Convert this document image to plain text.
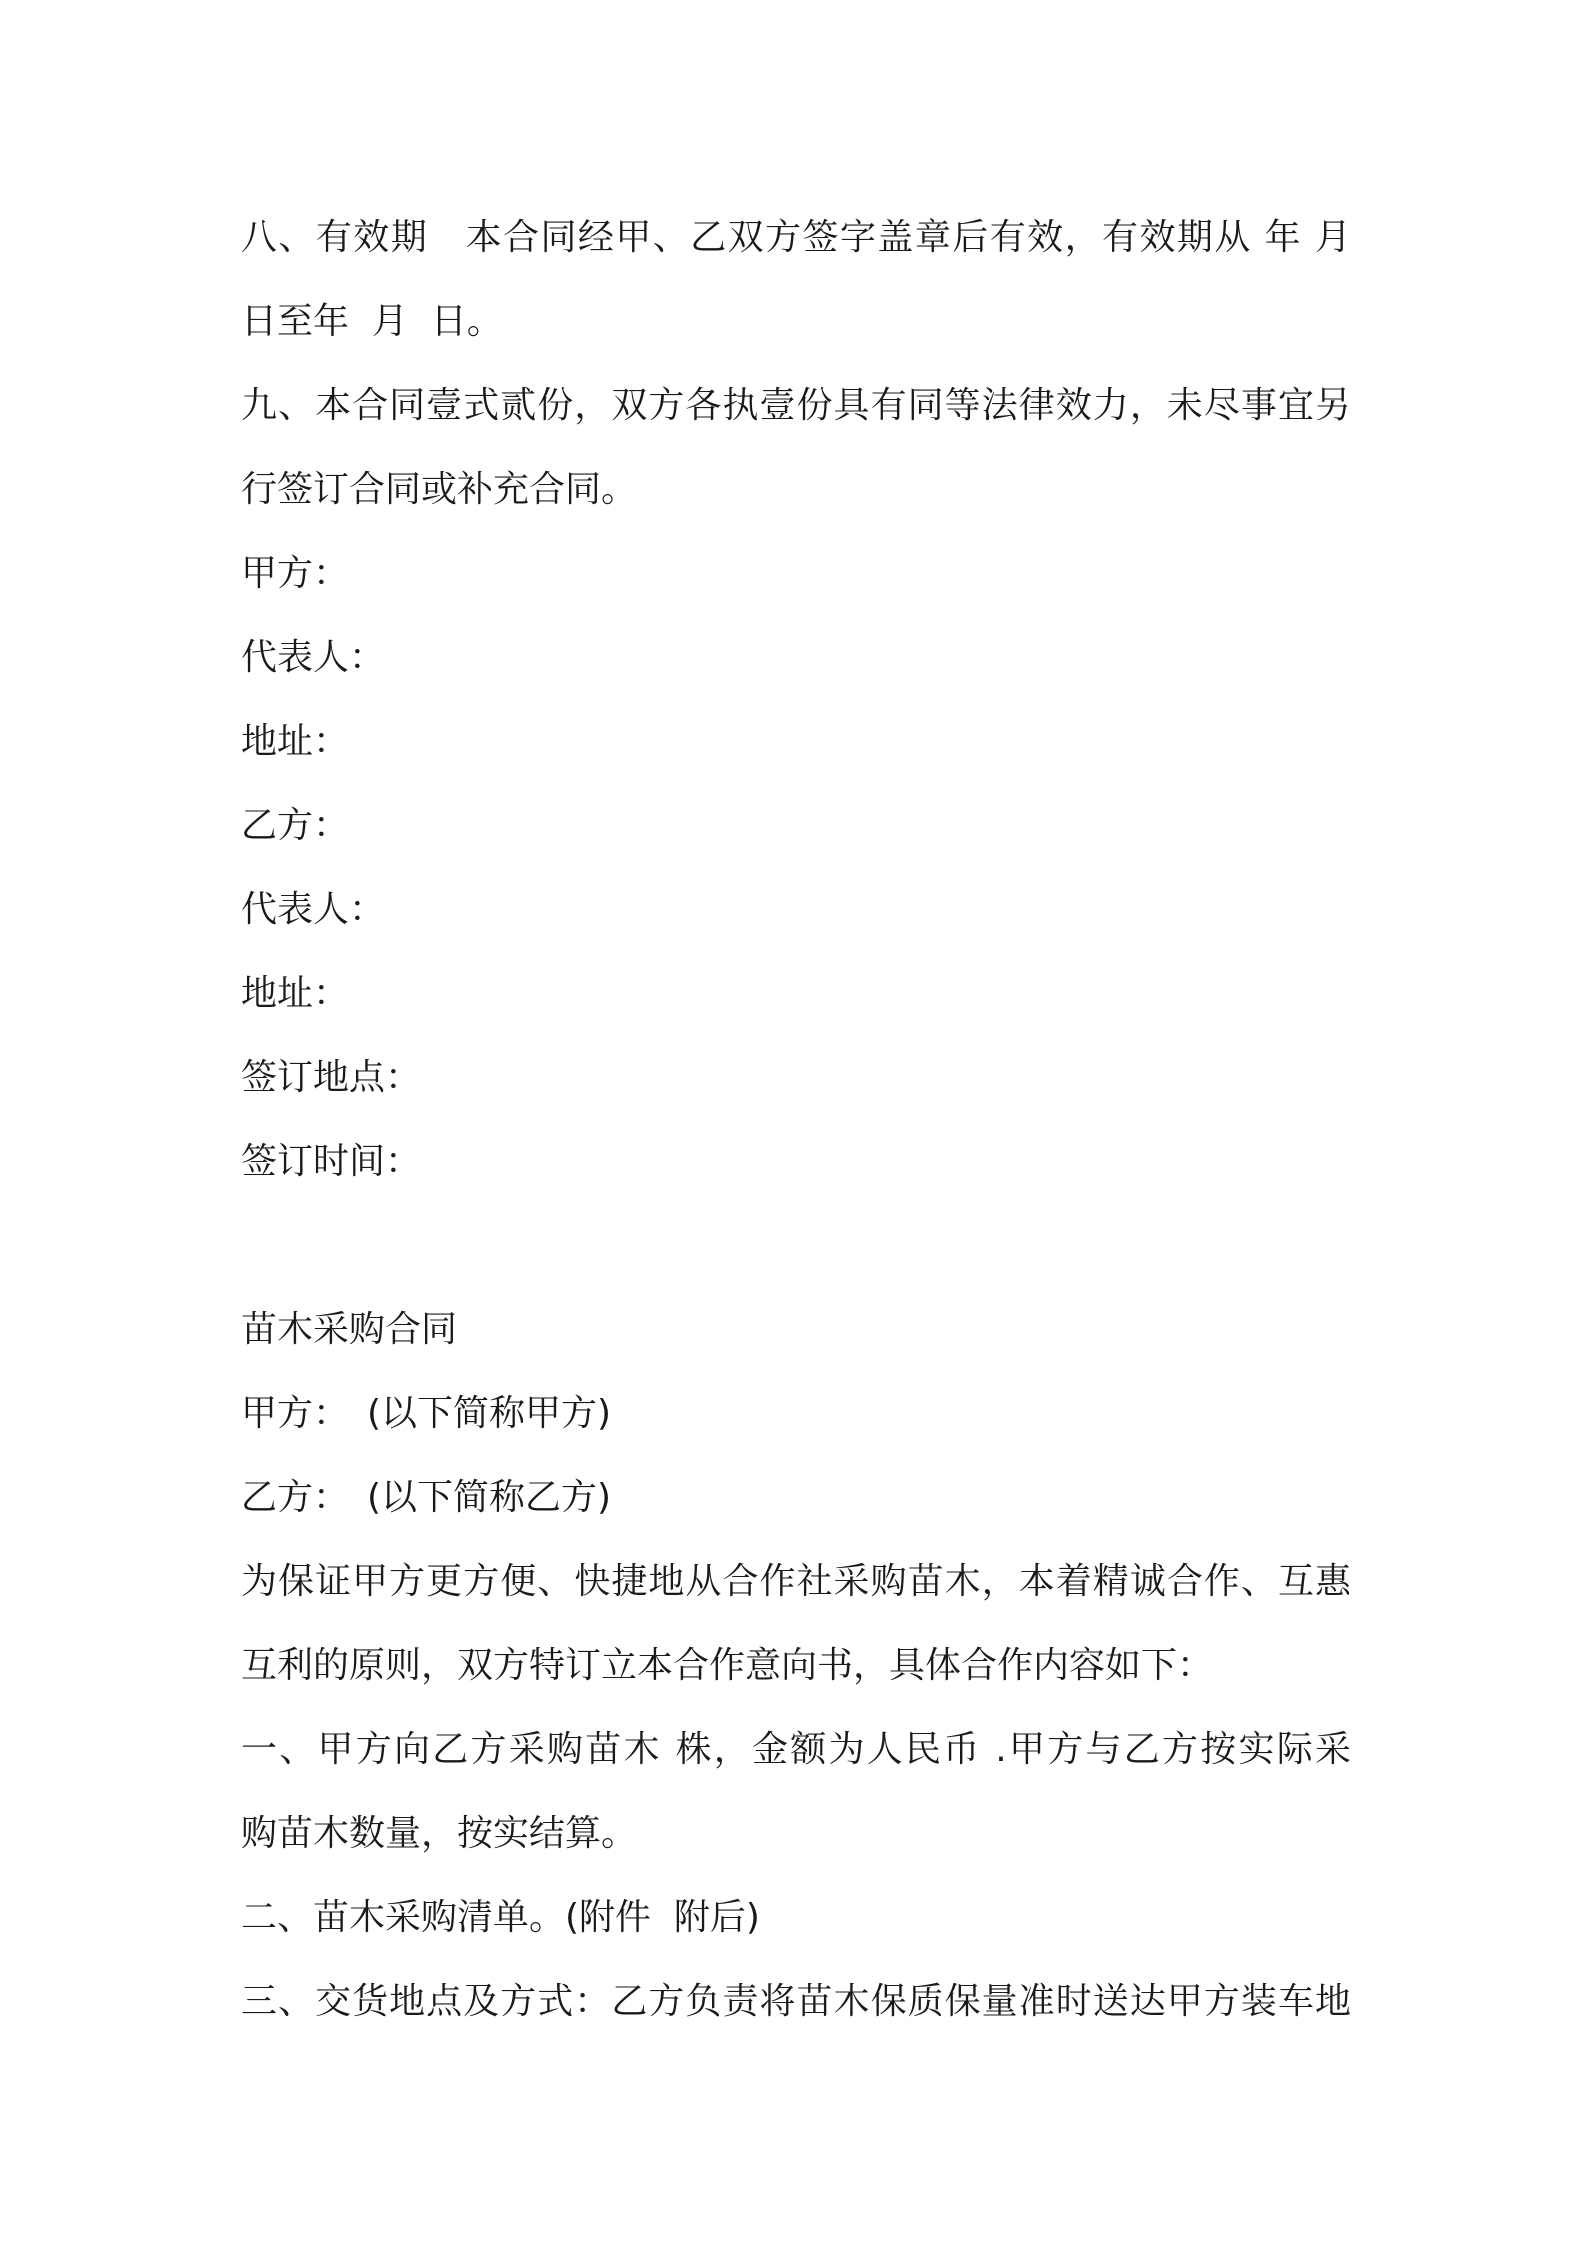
八、有效期　本合同经甲、乙双方签字盖章后有效，有效期从 年 月
日至年  月  日。
九、本合同壹式贰份，双方各执壹份具有同等法律效力，未尽事宜另
行签订合同或补充合同。
甲方：
代表人：
地址：
乙方：
代表人：
地址：
签订地点：
签订时间：
苗木采购合同
甲方：　(以下简称甲方)
乙方：　(以下简称乙方)
为保证甲方更方便、快捷地从合作社采购苗木，本着精诚合作、互惠
互利的原则，双方特订立本合作意向书，具体合作内容如下：
一、甲方向乙方采购苗木 株，金额为人民币 .甲方与乙方按实际采
购苗木数量，按实结算。
二、苗木采购清单。(附件  附后)
三、交货地点及方式：乙方负责将苗木保质保量准时送达甲方装车地
